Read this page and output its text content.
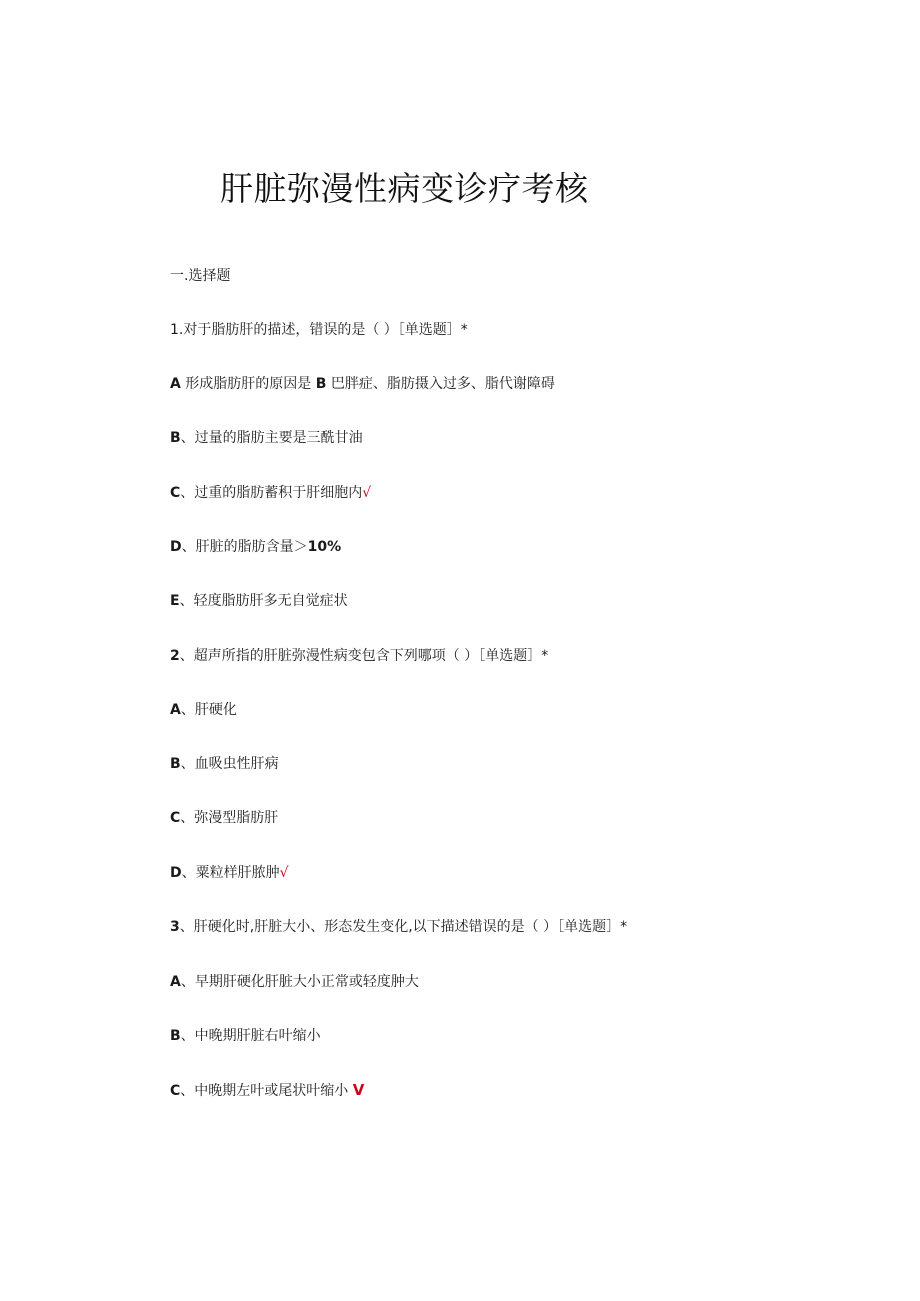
肝脏弥漫性病变诊疗考核
一.选择题
1.对于脂肪肝的描述，错误的是（ ）［单选题］*
A 形成脂肪肝的原因是 B 巴胖症、脂肪摄入过多、脂代谢障碍
B、过量的脂肪主要是三酰甘油
C、过重的脂肪蓄积于肝细胞内√
D、肝脏的脂肪含量＞10%
E、轻度脂肪肝多无自觉症状
2、超声所指的肝脏弥漫性病变包含下列哪项（ ）［单选题］*
A、肝硬化
B、血吸虫性肝病
C、弥漫型脂肪肝
D、粟粒样肝脓肿√
3、肝硬化时,肝脏大小、形态发生变化,以下描述错误的是（ ）［单选题］*
A、早期肝硬化肝脏大小正常或轻度肿大
B、中晚期肝脏右叶缩小
C、中晚期左叶或尾状叶缩小 V
